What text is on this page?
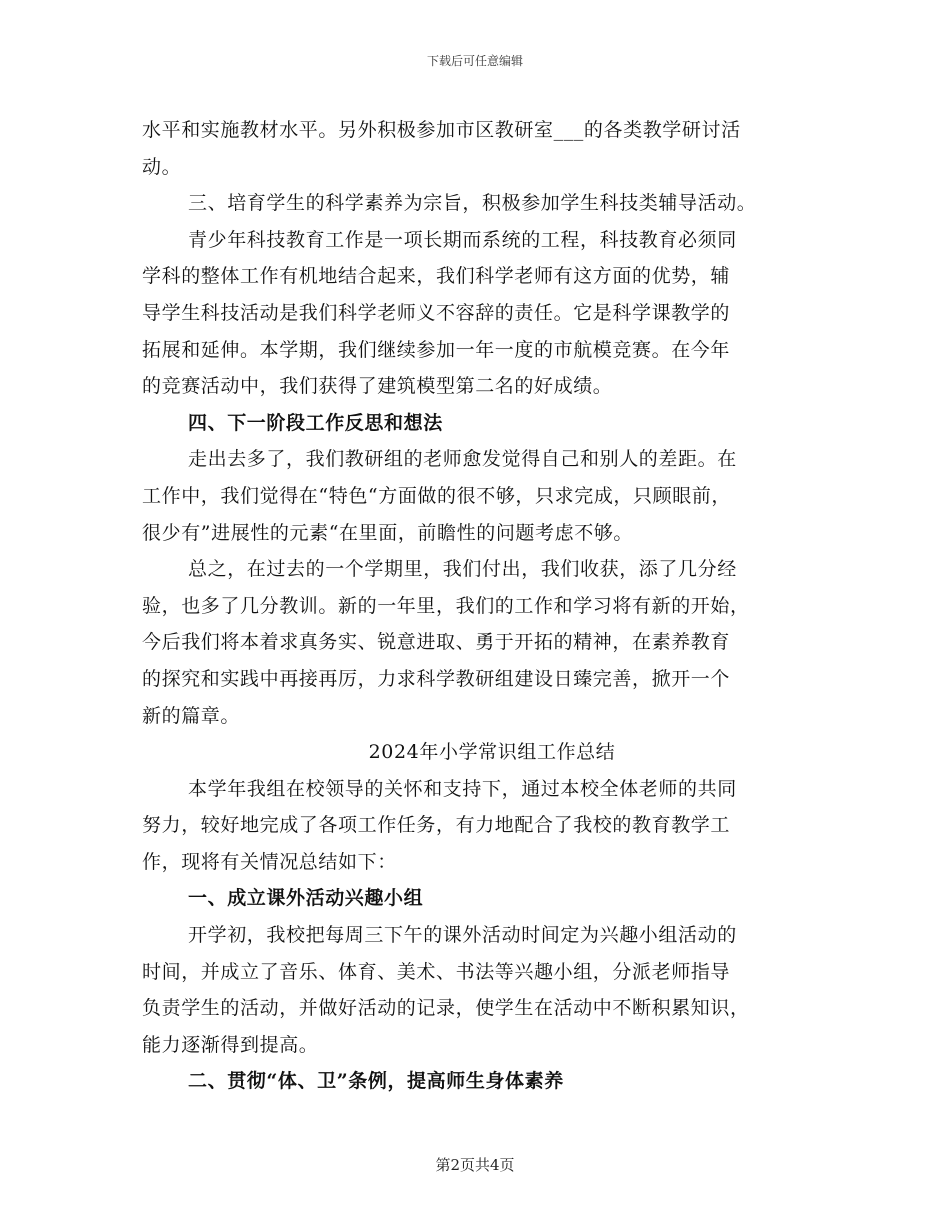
下载后可任意编辑

水平和实施教材水平。另外积极参加市区教研室___的各类教学研讨活

动。

三、培育学生的科学素养为宗旨，积极参加学生科技类辅导活动。

青少年科技教育工作是一项长期而系统的工程，科技教育必须同

学科的整体工作有机地结合起来，我们科学老师有这方面的优势，辅

导学生科技活动是我们科学老师义不容辞的责任。它是科学课教学的

拓展和延伸。本学期，我们继续参加一年一度的市航模竞赛。在今年

的竞赛活动中，我们获得了建筑模型第二名的好成绩。

四、下一阶段工作反思和想法

走出去多了，我们教研组的老师愈发觉得自己和别人的差距。在

工作中，我们觉得在“特色“方面做的很不够，只求完成，只顾眼前，

很少有”进展性的元素“在里面，前瞻性的问题考虑不够。

总之，在过去的一个学期里，我们付出，我们收获，添了几分经

验，也多了几分教训。新的一年里，我们的工作和学习将有新的开始，

今后我们将本着求真务实、锐意进取、勇于开拓的精神，在素养教育

的探究和实践中再接再厉，力求科学教研组建设日臻完善，掀开一个

新的篇章。

2024年小学常识组工作总结

本学年我组在校领导的关怀和支持下，通过本校全体老师的共同

努力，较好地完成了各项工作任务，有力地配合了我校的教育教学工

作，现将有关情况总结如下：

一、成立课外活动兴趣小组

开学初，我校把每周三下午的课外活动时间定为兴趣小组活动的

时间，并成立了音乐、体育、美术、书法等兴趣小组，分派老师指导

负责学生的活动，并做好活动的记录，使学生在活动中不断积累知识，

能力逐渐得到提高。

二、贯彻“体、卫”条例，提高师生身体素养

第2页共4页
